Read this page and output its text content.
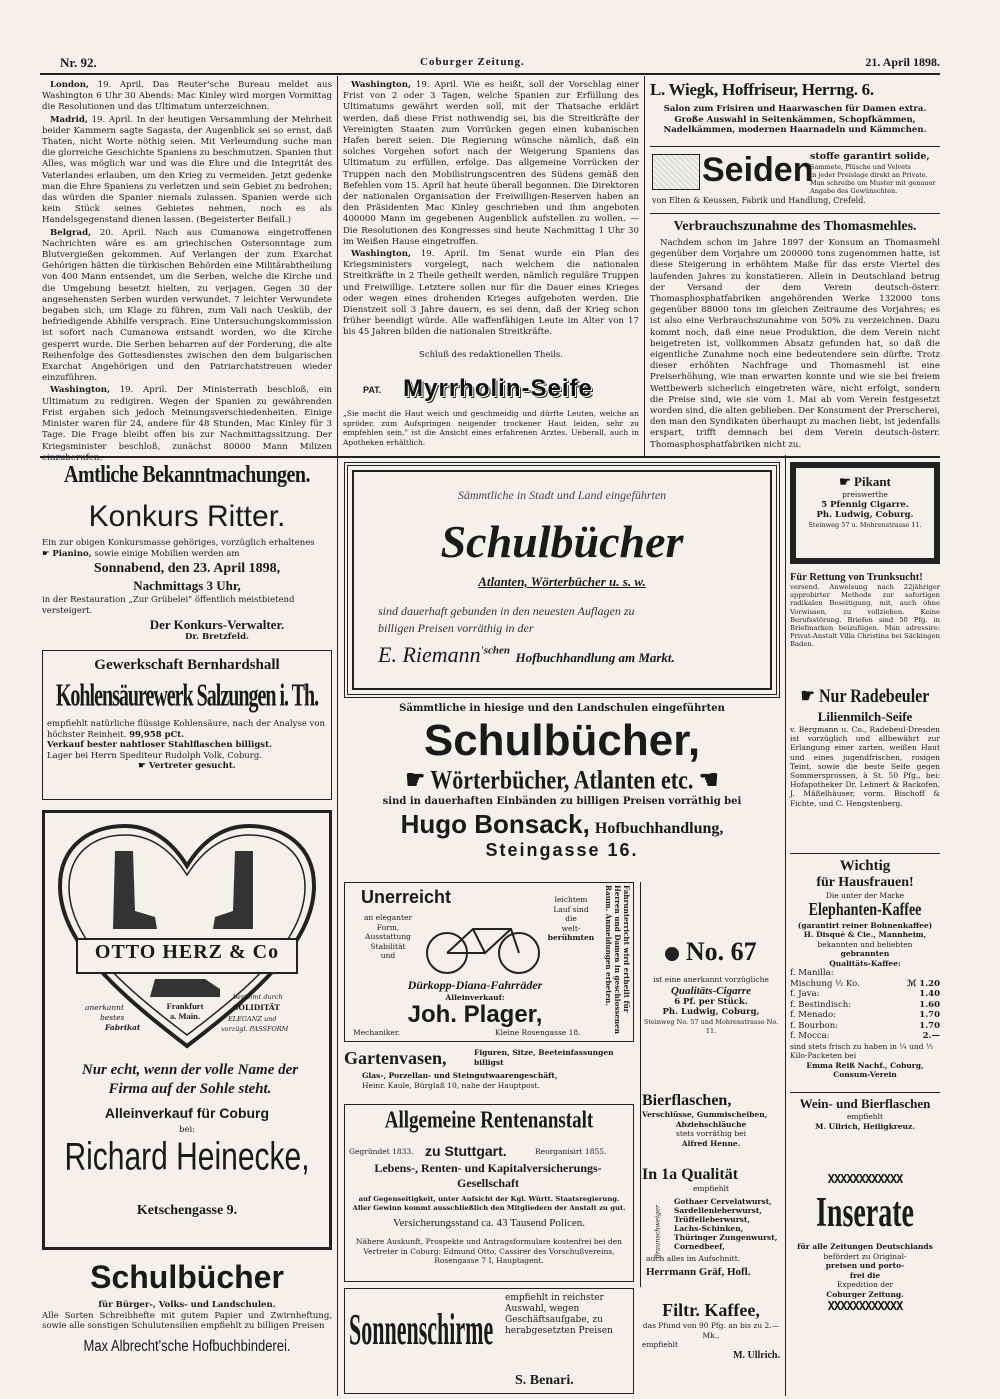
Nr. 92.	Coburger Zeitung.	21. April 1898.

London, 19. April. Das Reuter'sche Bureau meldet aus Washington 6 Uhr 30 Abends: Mac Kinley wird morgen Vormittag die Resolutionen und das Ultimatum unterzeichnen.

Madrid, 19. April. In der heutigen Versammlung der Mehrheit beider Kammern sagte Sagasta, der Augenblick sei so ernst, daß Thaten, nicht Worte nöthig seien. Mit Verleumdung suche man die glorreiche Geschichte Spaniens zu beschmutzen. Spanien thut Alles, was möglich war und was die Ehre und die Integrität des Vaterlandes erlauben, um den Krieg zu vermeiden. Jetzt gedenke man die Ehre Spaniens zu verletzen und sein Gebiet zu bedrohen; das würden die Spanier niemals zulassen. Spanien werde sich kein Stück seines Gebietes nehmen, noch es als Handelsgegenstand dienen lassen. (Begeisterter Beifall.)

Belgrad, 20. April. Nach aus Cumanowa eingetroffenen Nachrichten wäre es am griechischen Ostersonntage zum Blutvergießen gekommen. Auf Verlangen der zum Exarchat Gehörigen hätten die türkischen Behörden eine Militärabtheilung von 400 Mann entsendet, um die Serben, welche die Kirche und die Umgebung besetzt hielten, zu verjagen. Gegen 30 der angesehensten Serben wurden verwundet. 7 leichter Verwundete begaben sich, um Klage zu führen, zum Vali nach Uesküb, der befriedigende Abhilfe versprach. Eine Untersuchungskommission ist sofort nach Cumanowa entsandt worden, wo die Kirche gesperrt wurde. Die Serben beharren auf der Forderung, die alte Reihenfolge des Gottesdienstes zwischen den dem bulgarischen Exarchat Angehörigen und den Patriarchatstreuen wieder einzuführen.

Washington, 19. April. Der Ministerrath beschloß, ein Ultimatum zu redigiren. Wegen der Spanien zu gewährenden Frist ergaben sich jedoch Meinungsverschiedenheiten. Einige Minister waren für 24, andere für 48 Stunden, Mac Kinley für 3 Tage. Die Frage bleibt offen bis zur Nachmittagssitzung. Der Kriegsminister beschloß, zunächst 80000 Mann Milizen

Washington, 19. April. Wie es heißt, soll der Vorschlag einer Frist von 2 oder 3 Tagen, welche Spanien zur Erfüllung des Ultimatums gewährt werden soll, mit der Thatsache erklärt werden, daß diese Frist nothwendig sei, bis die Streitkräfte der Vereinigten Staaten zum Vorrücken gegen einen kubanischen Hafen bereit seien. Die Regierung wünsche nämlich, daß ein solches Vorgehen sofort nach der Weigerung Spaniens das Ultimatum zu erfüllen, erfolge. Das allgemeine Vorrücken der Truppen nach den Mobilisirungscentren des Südens gemäß den Befehlen vom 15. April hat heute überall begonnen. Die Direktoren der nationalen Organisation der Freiwilligen-Reserven haben an den Präsidenten Mac Kinley geschrieben und ihm angeboten 400000 Mann im gegebenen Augenblick aufstellen zu wollen. — Die Resolutionen des Kongresses sind heute Nachmittag 1 Uhr 30 im Weißen Hause eingetroffen.

Washington, 19. April. Im Senat wurde ein Plan des Kriegsministers vorgelegt, nach welchem die nationalen Streitkräfte in 2 Theile getheilt werden, nämlich reguläre Truppen und Freiwillige. Letztere sollen nur für die Dauer eines Krieges oder wegen eines drohenden Krieges aufgeboten werden. Die Dienstzeit soll 3 Jahre dauern, es sei denn, daß der Krieg schon früher beendigt würde. Alle waffenfähigen Leute im Alter von 17 bis 45 Jahren bilden die nationalen Streitkräfte.

Schluß des redaktionellen Theils.
PAT. Myrrholin-Seife
„Sie macht die Haut weich und geschmeidig und dürfte Leuten, welche an spröder, zum Aufspringen neigender trockener Haut leiden, sehr zu empfehlen sein," ist die Ansicht eines erfahrenen Arztes. Ueberall, auch in Apotheken erhältlich.
L. Wiegk, Hoffriseur, Herrng. 6.
Salon zum Frisiren und Haarwaschen für Damen extra.
Große Auswahl in Seitenkämmen, Schopfkämmen, Nadelkämmen, modernen Haarnadeln und Kämmchen.
Seiden
stoffe garantirt solide,
Sammete, Plüsche und Velvets
in jeder Preislage direkt an Private.
Man schreibe um Muster mit genauer Angabe des Gewünschten.
von Elten & Keussen, Fabrik und Handlung, Crefeld.
Verbrauchszunahme des Thomasmehles.
Nachdem schon im Jahre 1897 der Konsum an Thomasmehl gegenüber dem Vorjahre um 200000 tons zugenommen hatte, ist diese Steigerung in erhöhtem Maße für das erste Viertel des laufenden Jahres zu konstatieren. Allein in Deutschland betrug der Versand der dem Verein deutsch-österr. Thomasphosphatfabriken angehörenden Werke 132000 tons gegenüber 88000 tons im gleichen Zeitraume des Vorjahres; es ist also eine Verbrauchszunahme von 50% zu verzeichnen. Dazu kommt noch, daß eine neue Produktion, die dem Verein nicht beigetreten ist, vollkommen Absatz gefunden hat, so daß die eigentliche Zunahme noch eine bedeutendere sein dürfte. Trotz dieser erhöhten Nachfrage und Thomasmehl ist eine Preiserhöhung, wie man erwarten konnte und wie sie bei freiem Wettbewerb sicherlich eingetreten wäre, nicht erfolgt, sondern die Preise sind, wie sie vom 1. Mai ab vom Verein festgesetzt worden sind, die alten geblieben. Der Konsument der Prerscherei, den man den Syndikaten überhaupt zu machen liebt, ist jedenfalls erspart, trifft demnach bei dem Verein deutsch-österr. Thomasphosphatfabriken nicht zu.
Amtliche Bekanntmachungen.
Konkurs Ritter.
Ein zur obigen Konkursmasse gehöriges, vorzüglich erhaltenes
☛ Pianino, sowie einige Mobilien werden am
Sonnabend, den 23. April 1898,
Nachmittags 3 Uhr,
in der Restauration „Zur Grübelei" öffentlich meistbietend versteigert.
Der Konkurs-Verwalter.
Dr. Bretzfeld.
Gewerkschaft Bernhardshall
Kohlensäurewerk Salzungen i. Th.
empfiehlt natürliche flüssige Kohlensäure, nach der Analyse von höchster Reinheit. 99,958 pCt.
Verkauf bester nahtloser Stahlflaschen billigst.
Lager bei Herrn Spediteur Rudolph Volk, Coburg.
☛ Vertreter gesucht.
OTTO HERZ & Co
Frankfurt
a. Main.
anerkannt
bestes
Fabrikat
berühmt durch
SOLIDITÄT
ELEGANZ und
vorzügl. PASSFORM
Nur echt, wenn der volle Name der Firma auf der Sohle steht.
Alleinverkauf für Coburg
bei:
Richard Heinecke,
Ketschengasse 9.
Schulbücher
für Bürger-, Volks- und Landschulen.
Alle Sorten Schreibhefte mit gutem Papier und Zwirnheftung, sowie alle sonstigen Schulutensilien empfiehlt zu billigen Preisen
Max Albrecht'sche Hofbuchbinderei.
Sämmtliche in Stadt und Land eingeführten
Schulbücher
Atlanten, Wörterbücher u. s. w.
sind dauerhaft gebunden in den neuesten Auflagen zu
billigen Preisen vorräthig in der
E. Riemann$^{'schen}$ Hofbuchhandlung am Markt.
Sämmtliche in hiesige und den Landschulen eingeführten
Schulbücher,
☛ Wörterbücher, Atlanten etc. ☚
sind in dauerhaften Einbänden zu billigen Preisen vorräthig bei
Hugo Bonsack, Hofbuchhandlung,
Steingasse 16.
Unerreicht
an eleganter
Form,
Ausstattung
Stabilität
und
leichtem
Lauf sind
die
welt-
berühmten
Dürkopp-Diana-Fahrräder
Alleinverkauf:
Joh. Plager,
Mechaniker.	Kleine Rosengasse 18.
Fahrunterricht wird ertheilt für Herren und Damen in geschlossenen Raum. Anmeldungen erbeten.
Gartenvasen,	Figuren, Sitze, Beeteinfassungen billigst
Glas-, Porzellan- und Steingutwaarengeschäft,
Heinr. Kaule, Bürglaß 10, nahe der Hauptpost.
Allgemeine Rentenanstalt
Gegründet 1833. zu Stuttgart.	Reorganisirt 1855.
Lebens-, Renten- und Kapitalversicherungs-Gesellschaft
auf Gegenseitigkeit, unter Aufsicht der Kgl. Württ. Staatsregierung. Aller Gewinn kommt ausschließlich den Mitgliedern der Anstalt zu gut.
Versicherungsstand ca. 43 Tausend Policen.
Nähere Auskunft, Prospekte und Antragsformulare kostenfrei bei den Vertreter in Coburg: Edmund Otto, Cassirer des Vorschußvereins, Rosengasse 7 I, Hauptagent.
Sonnenschirme
empfiehlt in reichster Auswahl, wegen Geschäftsaufgabe, zu herabgesetzten Preisen
S. Benari.
No. 67
ist eine anerkannt vorzügliche
Qualitäts-Cigarre
6 Pf. per Stück.
Ph. Ludwig, Coburg,
Steinweg No. 57 und Mohrenstrasse No. 11.
Bierflaschen,
Verschlüsse, Gummischeiben,
Abziehschläuche
stets vorräthig bei
Alfred Henne.
In 1a Qualität
empfiehlt
Braunschweiger
Gothaer Cervelatwurst,
Sardellenleberwurst,
Trüffelleberwurst,
Lachs-Schinken,
Thüringer Zungenwurst,
Cornedbeef,
auch alles im Aufschnitt.
Herrmann Gräf, Hofl.
Filtr. Kaffee,
das Pfund von 90 Pfg. an bis zu 2.— Mk.,
empfiehlt
M. Ullrich.
☛ Pikant
preiswerthe
5 Pfennig Cigarre.
Ph. Ludwig, Coburg.
Steinweg 57 u. Mohrenstrasse 11.
Für Rettung von Trunksucht!
versend. Anweisung nach 22jähriger approbirter Methode zur sofortigen radikalen Beseitigung, mit, auch ohne Vorwissen, zu vollziehen. Keine Berufsstörung. Briefen sind 50 Pfg. in Briefmarken beizufügen. Man adressire: Privat-Anstalt Villa Christina bei Säckingen Baden.
☛ Nur Radebeuler
Lilienmilch-Seife
v. Bergmann u. Co., Radebeul-Dresden ist vorzüglich und allbewährt zur Erlangung einer zarten, weißen Haut und eines jugendfrischen, rosigen Teint, sowie die beste Seife gegen Sommersprossen, à St. 50 Pfg., bei: Hofapotheker Dr. Lehnert & Backofen, J. Mäßelhäuser, vorm. Bischoff & Fichte, und C. Hengstenberg.
Wichtig
für Hausfrauen!
Die unter der Marke
Elephanten-Kaffee
(garantirt reiner Bohnenkaffee)
H. Disqué & Cie., Mannheim,
bekannten und beliebten
gebrannten
Qualitäts-Kaffee:
f. Manilla:
Mischung ½ Ko.	ℳ 1.20
f. Java:	1.40
f. Bestindisch:	1.60
f. Menado:	1.70
f. Bourbon:	1.70
f. Mocca:	2.—
sind stets frisch zu haben in ¼ und ½ Kilo-Packeten bei
Emma Reiß Nachf., Coburg,
Consum-Verein
Wein- und Bierflaschen
empfiehlt
M. Ullrich, Heiligkreuz.
XXXXXXXXXXXX
Inserate
für alle Zeitungen Deutschlands
befördert zu Original-
preisen und porto-
frei die
Expedition der
Coburger Zeitung.
XXXXXXXXXXXX
